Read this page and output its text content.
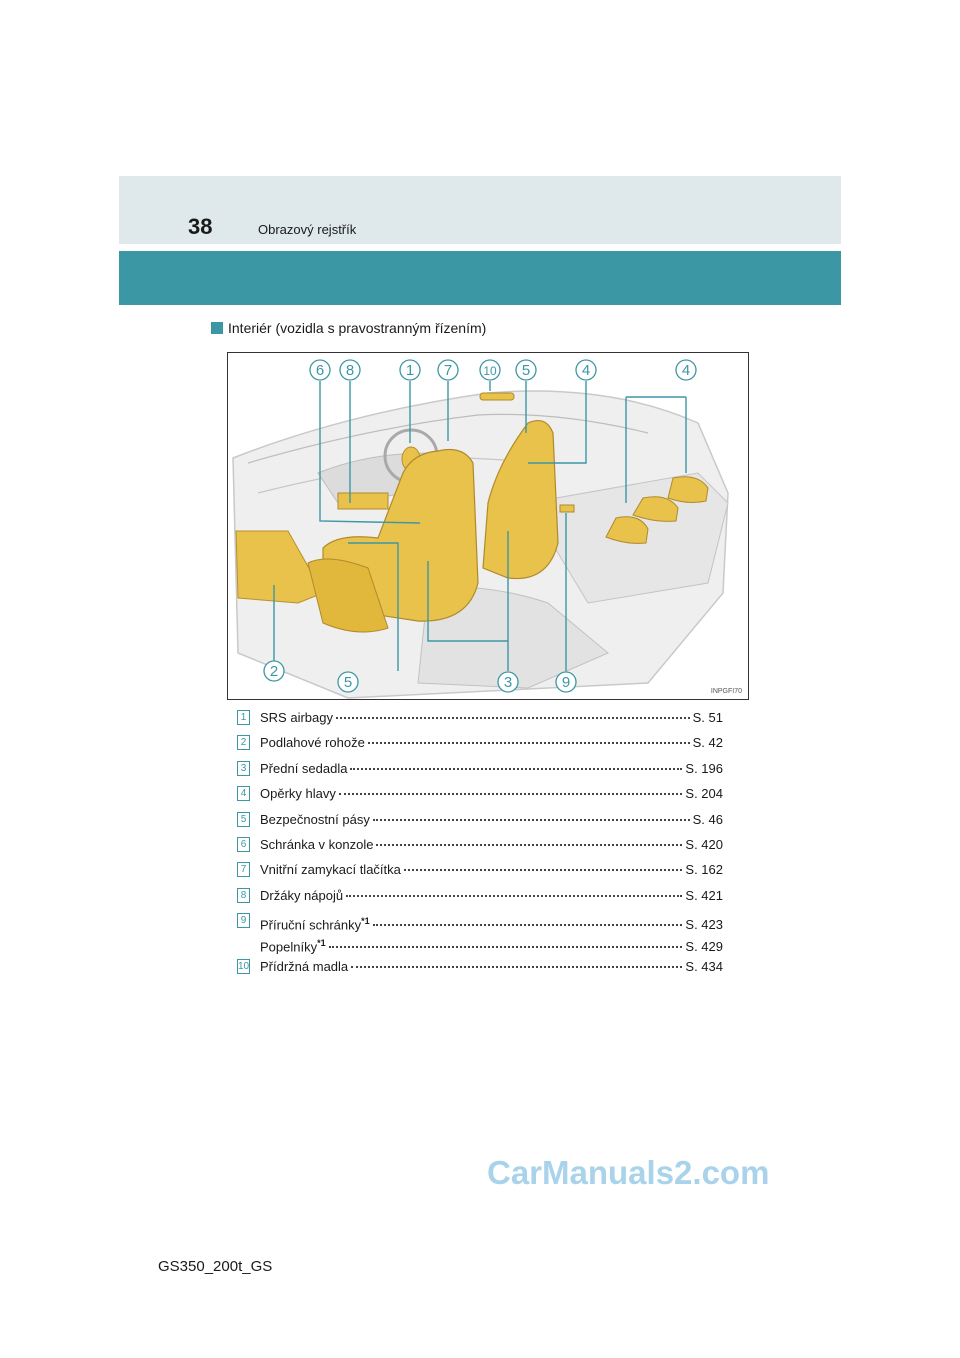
38	Obrazový rejstřík
Interiér (vozidla s pravostranným řízením)
6 8	1 7	10 5	4	4
2
5	3	9
INPGFI70
1 SRS airbagy	S. 51
2 Podlahové rohože	S. 42
3 Přední sedadla	S. 196
4 Opěrky hlavy	S. 204
5 Bezpečnostní pásy	S. 46
6 Schránka v konzole	S. 420
7 Vnitřní zamykací tlačítka	S. 162
8 Držáky nápojů	S. 421
9 Příruční schránky$^{*1}$	S. 423
Popelníky$^{*1}$	S. 429
10 Přídržná madla	S. 434
CarManuals2.com
GS350_200t_GS
